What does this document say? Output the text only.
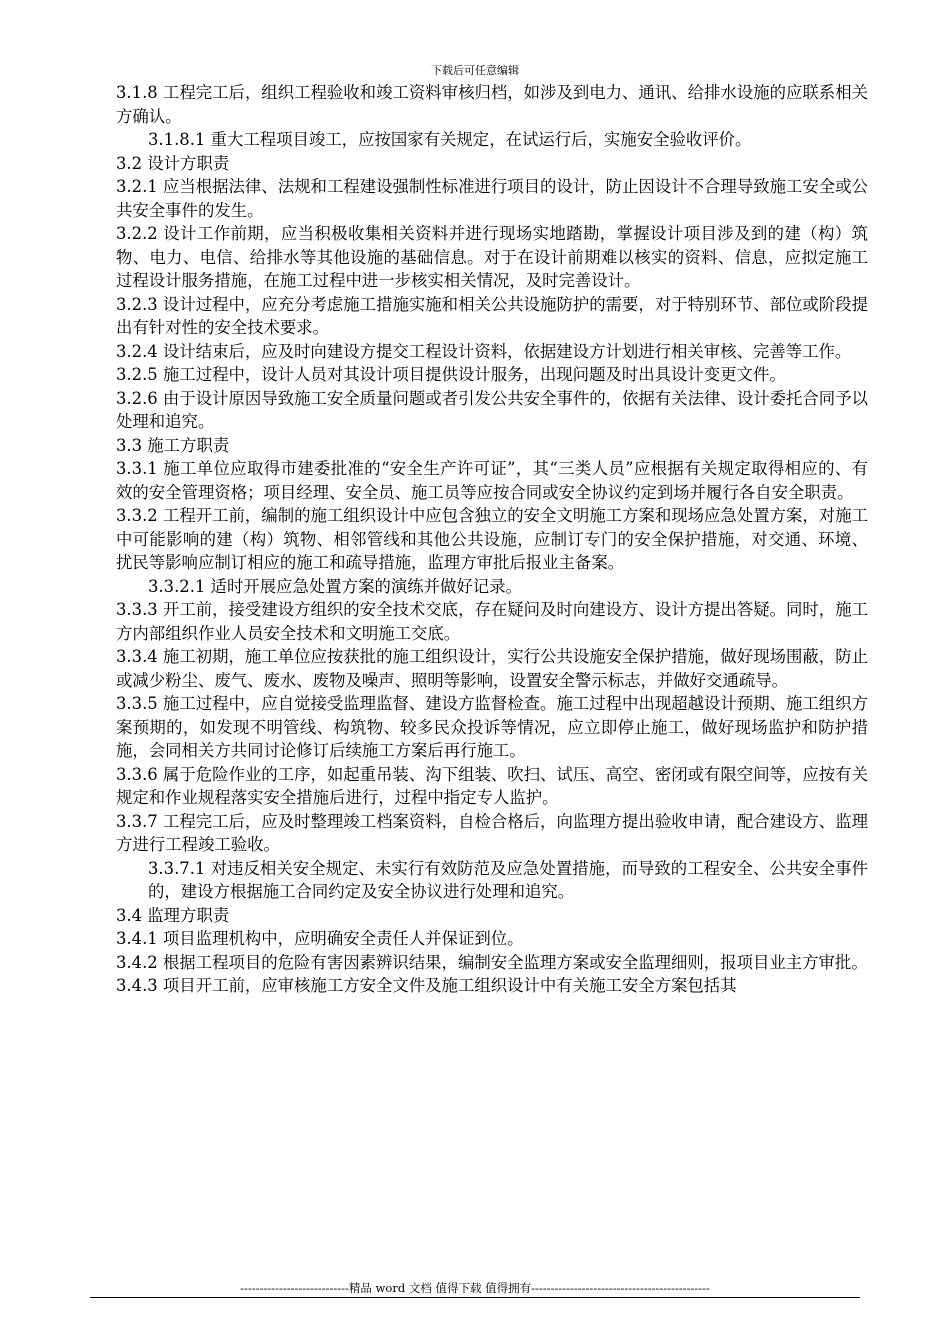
下载后可任意编辑

3.1.8 工程完工后，组织工程验收和竣工资料审核归档，如涉及到电力、通讯、给排水设施的应联系相关方确认。

3.1.8.1 重大工程项目竣工，应按国家有关规定，在试运行后，实施安全验收评价。

3.2 设计方职责

3.2.1 应当根据法律、法规和工程建设强制性标准进行项目的设计，防止因设计不合理导致施工安全或公共安全事件的发生。

3.2.2 设计工作前期，应当积极收集相关资料并进行现场实地踏勘，掌握设计项目涉及到的建（构）筑物、电力、电信、给排水等其他设施的基础信息。对于在设计前期难以核实的资料、信息，应拟定施工过程设计服务措施，在施工过程中进一步核实相关情况，及时完善设计。

3.2.3 设计过程中，应充分考虑施工措施实施和相关公共设施防护的需要，对于特别环节、部位或阶段提出有针对性的安全技术要求。

3.2.4 设计结束后，应及时向建设方提交工程设计资料，依据建设方计划进行相关审核、完善等工作。

3.2.5 施工过程中，设计人员对其设计项目提供设计服务，出现问题及时出具设计变更文件。

3.2.6 由于设计原因导致施工安全质量问题或者引发公共安全事件的，依据有关法律、设计委托合同予以处理和追究。

3.3 施工方职责

3.3.1 施工单位应取得市建委批准的“安全生产许可证”，其“三类人员”应根据有关规定取得相应的、有效的安全管理资格；项目经理、安全员、施工员等应按合同或安全协议约定到场并履行各自安全职责。

3.3.2 工程开工前，编制的施工组织设计中应包含独立的安全文明施工方案和现场应急处置方案，对施工中可能影响的建（构）筑物、相邻管线和其他公共设施，应制订专门的安全保护措施，对交通、环境、扰民等影响应制订相应的施工和疏导措施，监理方审批后报业主备案。

3.3.2.1 适时开展应急处置方案的演练并做好记录。

3.3.3 开工前，接受建设方组织的安全技术交底，存在疑问及时向建设方、设计方提出答疑。同时，施工方内部组织作业人员安全技术和文明施工交底。

3.3.4 施工初期，施工单位应按获批的施工组织设计，实行公共设施安全保护措施，做好现场围蔽，防止或减少粉尘、废气、废水、废物及噪声、照明等影响，设置安全警示标志，并做好交通疏导。

3.3.5 施工过程中，应自觉接受监理监督、建设方监督检查。施工过程中出现超越设计预期、施工组织方案预期的，如发现不明管线、构筑物、较多民众投诉等情况，应立即停止施工，做好现场监护和防护措施，会同相关方共同讨论修订后续施工方案后再行施工。

3.3.6 属于危险作业的工序，如起重吊装、沟下组装、吹扫、试压、高空、密闭或有限空间等，应按有关规定和作业规程落实安全措施后进行，过程中指定专人监护。

3.3.7 工程完工后，应及时整理竣工档案资料，自检合格后，向监理方提出验收申请，配合建设方、监理方进行工程竣工验收。

3.3.7.1 对违反相关安全规定、未实行有效防范及应急处置措施，而导致的工程安全、公共安全事件的，建设方根据施工合同约定及安全协议进行处理和追究。

3.4 监理方职责

3.4.1 项目监理机构中，应明确安全责任人并保证到位。

3.4.2 根据工程项目的危险有害因素辨识结果，编制安全监理方案或安全监理细则，报项目业主方审批。

3.4.3 项目开工前，应审核施工方安全文件及施工组织设计中有关施工安全方案包括其

----------------------------精品 word 文档 值得下载 值得拥有----------------------------------------------
